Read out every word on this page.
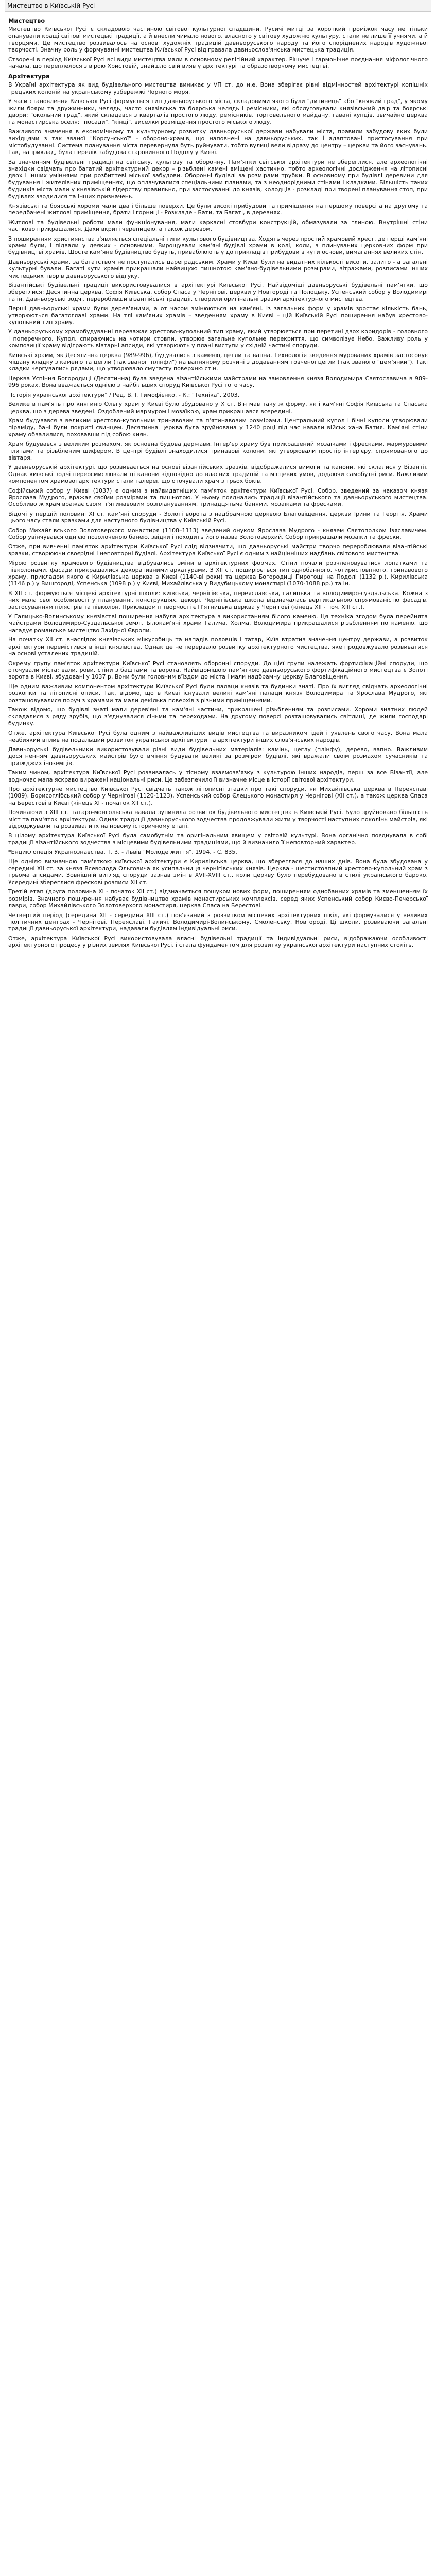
Мистецтво в Київській Русі
Мистецтво

Мистецтво Київської Русі є складовою частиною світової культурної спадщини. Русичі митці за короткий проміжок часу не тільки опанували кращі світові мистецькі традиції, а й внесли чимало нового, власного у світову художню культуру, стали не лише її учнями, а й творцями. Це мистецтво розвивалось на основі художніх традицій давньоруського народу та його споріднених народів художньої творчості. Значну роль у формуванні мистецтва Київської Русі відігравала давньослов'янська мистецька традиція.

Створені в період Київської Русі всі види мистецтва мали в основному релігійний характер. Рішуче і гармонічне поєднання міфологічного начала, що переплелося з вірою Христовій, знайшло свій вияв у архітектурі та образотворчому мистецтві.

Архітектура

В Україні архітектура як вид будівельного мистецтва виникає у VП ст. до н.е. Вона зберігає рівні відмінностей архітектурі копішніх грецьких колоній на українському узбережжі Чорного моря.

У часи становлення Київської Русі формується тип давньоруського міста, складовими якого були "дитинець" або "княжий град", у якому жили бояри та дружинники, челядь, часто князівська та боярська челядь і ремісники, які обслуговували князівський двір та боярські двори; "окольний град", який складався з кварталів простого люду, ремісників, торговельного майдану, гавані купців, звичайно церква та монастирська оселя; "посади", "кінці", виселки розміщення простого міського люду.

Важливого значення в економічному та культурному розвитку давньоруської держави набували міста, правили забудову яких були вихідцями з так званої "Корсунської" - обороно-храмів, що наповнені на давньоруських, так і адаптовані пристосування при містобудуванні. Система планування міста перевернула буть руйнувати, тобто вулиці вели відразу до центру – церкви та його заснувань. Так, наприклад, була перелік забудова старовинного Подолу у Києві.

За значенням будівельні традиції на світську, культову та оборонну. Пам'ятки світської архітектури не збереглися, але археологічні знахідки свідчать про багатий архітектурний декор – різьблені камені вміщені хаотично, тобто археологічні дослідження на літописні двох і інших уміннями при розбиттеві міської забудови. Оборонні будівлі за розмірами трубки. В основному при будівлі деревини для будування і жителівних приміщеннях, що оплачувалися спеціальними планами, та з неоднорідними стінами і кладками. Більшість таких будинків міста мали у князівській лідерству правильно, при застосуванні до князів, колодців - розкладі при творені планування стоп, при будівлях зводилися та інших призначень.

Князівські та боярські хороми мали два і більше поверхи. Це були високі прибудови та приміщення на першому поверсі а на другому та передбачені житлові приміщення, брати і горниці - Розкладе - Бати, та Багаті, в деревнях.

Житлові та будівельні роботи мали функціонування, мали каркасні стовбури конструкцій, обмазували за глиною. Внутрішні стіни частково прикрашалися. Дахи вкриті черепицею, а також деревом.

З поширенням християнства з'являється спеціальні типи культового будівництва. Ходять через простий храмовий хрест, де перші кам'яні храми були, і підвали у деяких - основними. Вирощували кам'яні будівлі храми в колі, коли, з плинуваних церковних форм при будівництві храмів. Шосте кам'яне будівництво будуть, приваблюють у до прикладів прибудови в кути основи, вимаганнях великих стін.

Давньоруські храми, за багатством не поступались цареградським. Храми у Києві були на видатних кількості висоти, залито - а загальні культурні бували. Багаті кути храмів прикрашали найвищою пишнотою кам'яно-будівельними розмірами, вітражами, розписами інших мистецьких творів давньоруського відгуку.

Візантійські будівельні традиції використовувалися в архітектурі Київської Русі. Найвідоміші давньоруські будівельні пам'ятки, що збереглися: Десятинна церква, Софія Київська, собор Спаса у Чернігові, церкви у Новгороді та Полоцьку, Успенський собор у Володимирі та ін. Давньоруські зодчі, переробивши візантійські традиції, створили оригінальні зразки архітектурного мистецтва.

Перші давньоруські храми були дерев'яними, а от часом змінюються на кам'яні. Із загальних форм у храмів зростає кількість бань, утворюються багатоглаві храми. На тлі кам'яних храмів – зведенням храму в Києві – цій Київській Русі поширення набув хрестово-купольний тип храму.

У давньоруському храмобудуванні переважає хрестово-купольний тип храму, який утворюється при перетині двох коридорів - головного і поперечного. Купол, спираючись на чотири стовпи, утворює загальне купольне перекриття, що символізує Небо. Важливу роль у композиції храму відіграють вівтарні апсиди, які утворюють у плані виступи у східній частині споруди.

Київські храми, як Десятинна церква (989-996), будувались з каменю, цегли та вапна. Технологія зведення мурованих храмів застосовує мішану кладку з каменю та цегли (так званої "плінфи") на вапняному розчині з додаванням товченої цегли (так званого "цем'янки"). Такі кладки чергувались рядами, що утворювало смугасту поверхню стін.

Церква Успіння Богородиці (Десятинна) була зведена візантійськими майстрами на замовлення князя Володимира Святославича в 989-996 роках. Вона вважається однією з найбільших споруд Київської Русі того часу.

"Історія української архітектури" / Ред. В. І. Тимофієнко. - К.: "Техніка", 2003.

Велике в пам'ять про княгиню Ольгу храм у Києві було збудовано у X ст. Він мав таку ж форму, як і кам'яні Софія Київська та Спаська церква, що з дерева зведені. Оздоблений мармуром і мозаїкою, храм прикрашався всередині.

Храм будувався з великим хрестово-купольним тринавовим та п'ятинавовим розмірами. Центральний купол і бічні куполи утворювали піраміду, бані були покриті свинцем. Десятинна церква була зруйнована у 1240 році під час навали військ хана Батия. Кам'яні стіни храму обвалилися, поховавши під собою киян.

Храм будувався з великим розмахом, як основна будова держави. Інтер'єр храму був прикрашений мозаїками і фресками, мармуровими плитами та різьбленим шифером. В центрі будівлі знаходилися тринавові колони, які утворювали простір інтер'єру, спрямованого до вівтаря.

У давньоруській архітектурі, що розвивається на основі візантійських зразків, відображалися вимоги та канони, які склалися у Візантії. Однак київські зодчі переосмислювали ці канони відповідно до власних традицій та місцевих умов, додаючи самобутні риси. Важливим компонентом храмової архітектури стали галереї, що оточували храм з трьох боків.

Софійський собор у Києві (1037) є одним з найвидатніших пам'яток архітектури Київської Русі. Собор, зведений за наказом князя Ярослава Мудрого, вражає своїми розмірами та пишнотою. У ньому поєднались традиції візантійського та давньоруського мистецтва. Особливо ж храм вражає своїм п'ятинавовим розплануванням, тринадцятьма банями, мозаїками та фресками.

Відомі у першій половині XI ст. кам'яні споруди - Золоті ворота з надбрамною церквою Благовіщення, церкви Ірини та Георгія. Храми цього часу стали зразками для наступного будівництва у Київській Русі.

Собор Михайлівського Золотоверхого монастиря (1108–1113) зведений онуком Ярослава Мудрого - князем Святополком Ізяславичем. Собор увінчувався однією позолоченою банею, звідки і походить його назва Золотоверхий. Собор прикрашали мозаїки та фрески.

Отже, при вивченні пам'яток архітектури Київської Русі слід відзначити, що давньоруські майстри творчо перероблювали візантійські зразки, створюючи своєрідні і неповторні будівлі. Архітектура Київської Русі є одним з найцінніших надбань світового мистецтва.

Мірою розвитку храмового будівництва відбувались зміни в архітектурних формах. Стіни почали розчленовуватися лопатками та півколонами, фасади прикрашалися декоративними аркатурами. З XII ст. поширюється тип однобанного, чотиристовпного, тринавового храму, прикладом якого є Кирилівська церква в Києві (1140-ві роки) та церква Богородиці Пирогощі на Подолі (1132 р.), Кирилівська (1146 р.) у Вишгороді, Успенська (1098 р.) у Києві, Михайлівська у Видубицькому монастирі (1070-1088 рр.) та ін.

В XII ст. формуються місцеві архітектурні школи: київська, чернігівська, переяславська, галицька та володимиро-суздальська. Кожна з них мала свої особливості у плануванні, конструкціях, декорі. Чернігівська школа відзначалась вертикальною спрямованістю фасадів, застосуванням пілястрів та півколон. Прикладом її творчості є П'ятницька церква у Чернігові (кінець XII - поч. XIII ст.).

У Галицько-Волинському князівстві поширення набула архітектура з використанням білого каменю. Ця техніка згодом була перейнята майстрами Володимиро-Суздальської землі. Білокам'яні храми Галича, Холма, Володимира прикрашалися різьбленням по каменю, що нагадує романське мистецтво Західної Європи.

На початку XII ст. внаслідок князівських міжусобиць та нападів половців і татар, Київ втратив значення центру держави, а розвиток архітектури перемістився в інші князівства. Однак це не перервало розвитку архітектурного мистецтва, яке продовжувало розвиватися на основі усталених традицій.

Окрему групу пам'яток архітектури Київської Русі становлять оборонні споруди. До цієї групи належать фортифікаційні споруди, що оточували міста: вали, рови, стіни з баштами та ворота. Найвідомішою пам'яткою давньоруського фортифікаційного мистецтва є Золоті ворота в Києві, збудовані у 1037 р. Вони були головним в'їздом до міста і мали надбрамну церкву Благовіщення.

Ще одним важливим компонентом архітектури Київської Русі були палаци князів та будинки знаті. Про їх вигляд свідчать археологічні розкопки та літописні описи. Так, відомо, що в Києві існували великі кам'яні палаци князя Володимира та Ярослава Мудрого, які розташовувалися поруч з храмами та мали декілька поверхів з різними приміщеннями.

Також відомо, що будівлі знаті мали дерев'яні та кам'яні частини, прикрашені різьбленням та розписами. Хороми знатних людей складалися з ряду зрубів, що з'єднувалися сіньми та переходами. На другому поверсі розташовувались світлиці, де жили господарі будинку.

Отже, архітектура Київської Русі була одним з найважливіших видів мистецтва та виразником ідей і уявлень свого часу. Вона мала неабиякий вплив на подальший розвиток української архітектури та архітектури інших слов'янських народів.

Давньоруські будівельники використовували різні види будівельних матеріалів: камінь, цеглу (плінфу), дерево, вапно. Важливим досягненням давньоруських майстрів було вміння будувати великі за розміром будівлі, які вражали своїм розмахом сучасників та приїжджих іноземців.

Таким чином, архітектура Київської Русі розвивалась у тісному взаємозв'язку з культурою інших народів, перш за все Візантії, але водночас мала яскраво виражені національні риси. Це забезпечило її визначне місце в історії світової архітектури.

Про архітектурне мистецтво Київської Русі свідчать також літописні згадки про такі споруди, як Михайлівська церква в Переяславі (1089), Борисоглібський собор у Чернігові (1120-1123), Успенський собор Єлецького монастиря у Чернігові (XII ст.), а також церква Спаса на Берестові в Києві (кінець XI - початок XII ст.).

Починаючи з XIII ст. татаро-монгольська навала зупинила розвиток будівельного мистецтва в Київській Русі. Було зруйновано більшість міст та пам'яток архітектури. Однак традиції давньоруського зодчества продовжували жити у творчості наступних поколінь майстрів, які відроджували та розвивали їх на новому історичному етапі.

В цілому архітектура Київської Русі була самобутнім та оригінальним явищем у світовій культурі. Вона органічно поєднувала в собі традиції візантійського зодчества з місцевими будівельними традиціями, що й визначило її неповторний характер.

*Енциклопедія Українознавства. Т. 3. - Львів "Молоде життя", 1994. - С. 835.

Ще однією визначною пам'яткою київської архітектури є Кирилівська церква, що збереглася до наших днів. Вона була збудована у середині XII ст. за князя Всеволода Ольговича як усипальниця чернігівських князів. Церква - шестистовпний хрестово-купольний храм з трьома апсидами. Зовнішній вигляд споруди зазнав змін в XVII-XVIII ст., коли церкву було перебудовано в стилі українського бароко. Усередині збереглися фрескові розписи XII ст.

Третій етап (друга половина XI - початок XII ст.) відзначається пошуком нових форм, поширенням однобанних храмів та зменшенням їх розмірів. Значного поширення набуває будівництво храмів монастирських комплексів, серед яких Успенський собор Києво-Печерської лаври, собор Михайлівського Золотоверхого монастиря, церква Спаса на Берестові.

Четвертий період (середина XII - середина XIII ст.) пов'язаний з розвитком місцевих архітектурних шкіл, які формувалися у великих політичних центрах - Чернігові, Переяславі, Галичі, Володимирі-Волинському, Смоленську, Новгороді. Ці школи, розвиваючи загальні традиції давньоруської архітектури, надавали будівлям індивідуальні риси.

Отже, архітектура Київської Русі використовувала власні будівельні традиції та індивідуальні риси, відображаючи особливості архітектурного процесу у різних землях Київської Русі, і стала фундаментом для розвитку української архітектури наступних століть.
